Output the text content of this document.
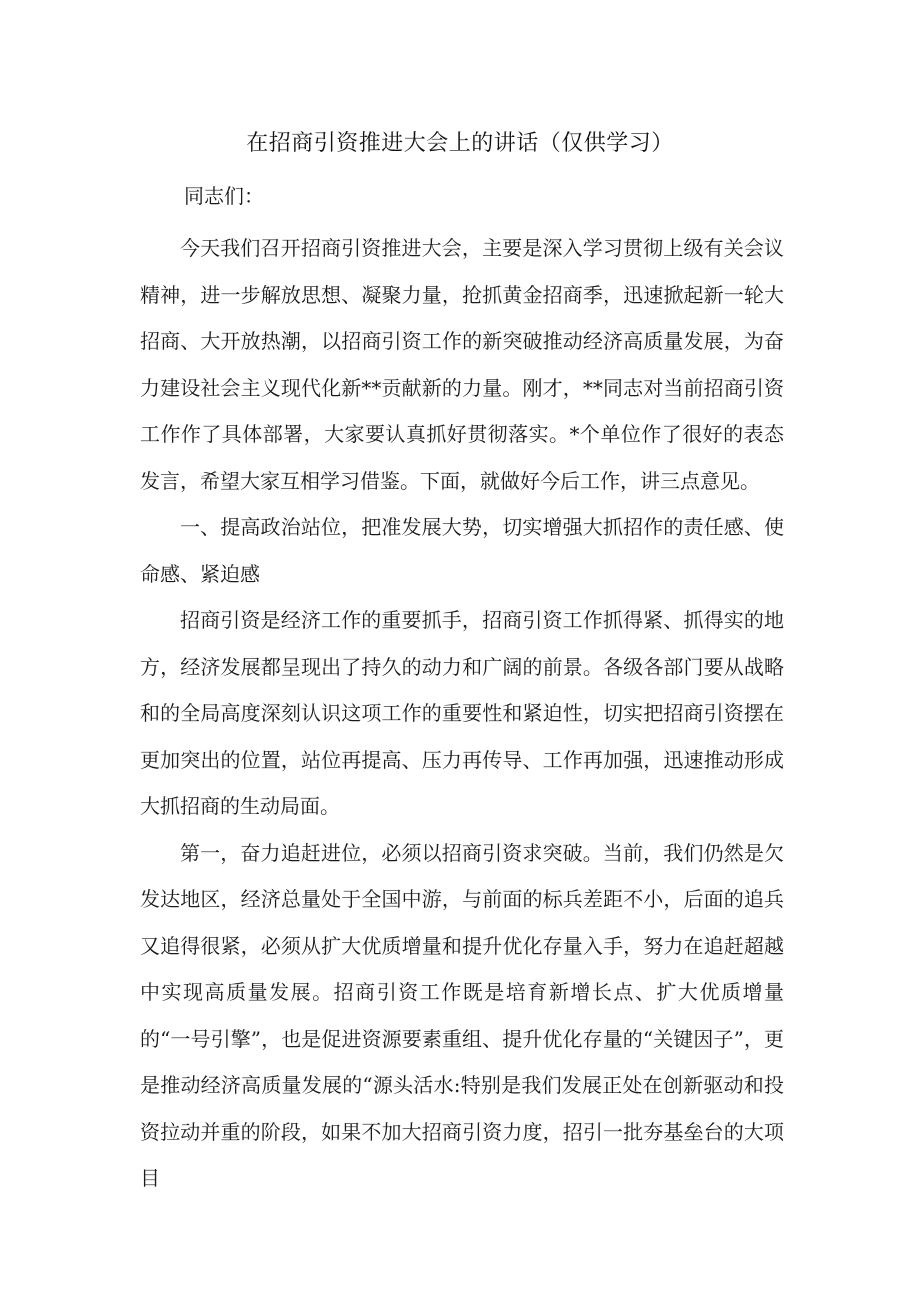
在招商引资推进大会上的讲话（仅供学习）

同志们：

今天我们召开招商引资推进大会，主要是深入学习贯彻上级有关会议精神，进一步解放思想、凝聚力量，抢抓黄金招商季，迅速掀起新一轮大招商、大开放热潮，以招商引资工作的新突破推动经济高质量发展，为奋力建设社会主义现代化新**贡献新的力量。刚才，**同志对当前招商引资工作作了具体部署，大家要认真抓好贯彻落实。*个单位作了很好的表态发言，希望大家互相学习借鉴。下面，就做好今后工作，讲三点意见。

一、提高政治站位，把准发展大势，切实增强大抓招作的责任感、使命感、紧迫感

招商引资是经济工作的重要抓手，招商引资工作抓得紧、抓得实的地方，经济发展都呈现出了持久的动力和广阔的前景。各级各部门要从战略和的全局高度深刻认识这项工作的重要性和紧迫性，切实把招商引资摆在更加突出的位置，站位再提高、压力再传导、工作再加强，迅速推动形成大抓招商的生动局面。

第一，奋力追赶进位，必须以招商引资求突破。当前，我们仍然是欠发达地区，经济总量处于全国中游，与前面的标兵差距不小，后面的追兵又追得很紧，必须从扩大优质增量和提升优化存量入手，努力在追赶超越中实现高质量发展。招商引资工作既是培育新增长点、扩大优质增量的“一号引擎”，也是促进资源要素重组、提升优化存量的“关键因子”，更是推动经济高质量发展的“源头活水:特别是我们发展正处在创新驱动和投资拉动并重的阶段，如果不加大招商引资力度，招引一批夯基垒台的大项目
